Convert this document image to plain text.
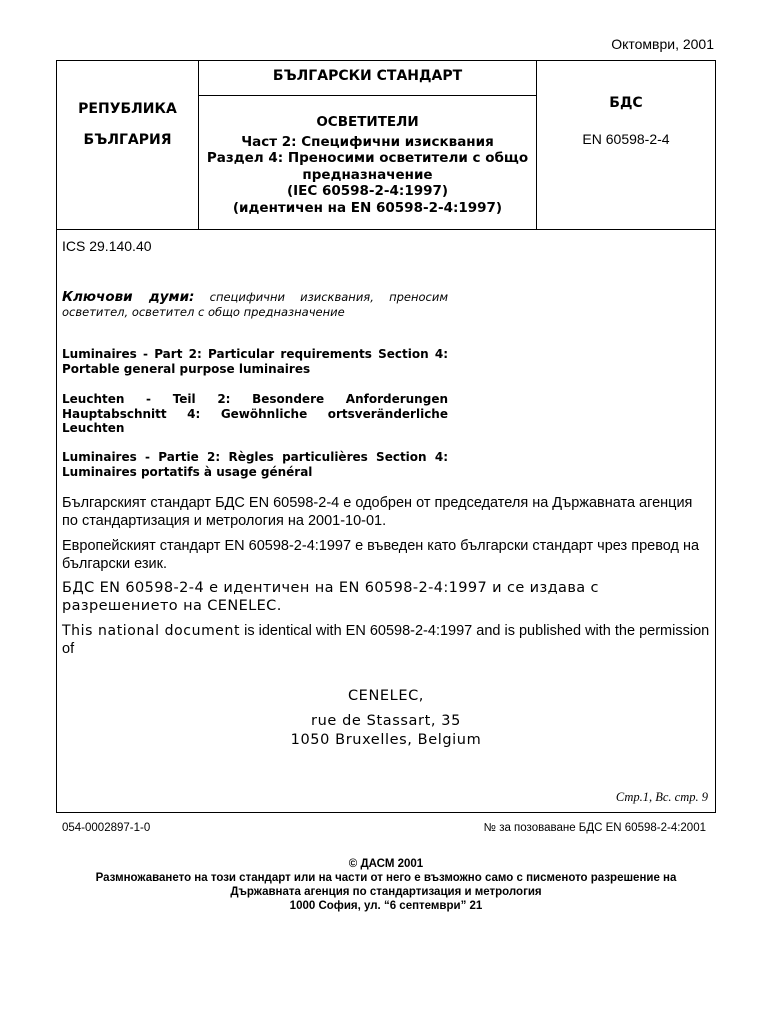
Октомври, 2001
РЕПУБЛИКА
БЪЛГАРИЯ
БЪЛГАРСКИ СТАНДАРТ
ОСВЕТИТЕЛИ
Част 2: Специфични изисквания
Раздел 4: Преносими осветители с общо предназначение
(IEC 60598-2-4:1997)
(идентичен на EN 60598-2-4:1997)
БДС
EN 60598-2-4
ICS 29.140.40
Ключови думи: специфични изисквания, преносим осветител, осветител с общо предназначение
Luminaires - Part 2: Particular requirements Section 4: Portable general purpose luminaires
Leuchten - Teil 2: Besondere Anforderungen Hauptabschnitt 4: Gewöhnliche ortsveränderliche Leuchten
Luminaires - Partie 2: Règles particulières Section 4: Luminaires portatifs à usage général
Българският стандарт БДС EN 60598-2-4 е одобрен от председателя на Държавната агенция по стандартизация и метрология на 2001-10-01.
Европейският стандарт EN 60598-2-4:1997 е въведен като български стандарт чрез превод на български език.
БДС EN 60598-2-4 е идентичен на EN 60598-2-4:1997 и се издава с разрешението на CENELEC.
This national document is identical with EN 60598-2-4:1997 and is published with the permission of
CENELEC,
rue de Stassart, 35
1050 Bruxelles, Belgium
Стр.1, Вс. стр. 9
054-0002897-1-0	№ за позоваване БДС EN 60598-2-4:2001
© ДАСМ 2001
Размножаването на този стандарт или на части от него е възможно само с писменото разрешение на
Държавната агенция по стандартизация и метрология
1000 София, ул. “6 септември” 21
